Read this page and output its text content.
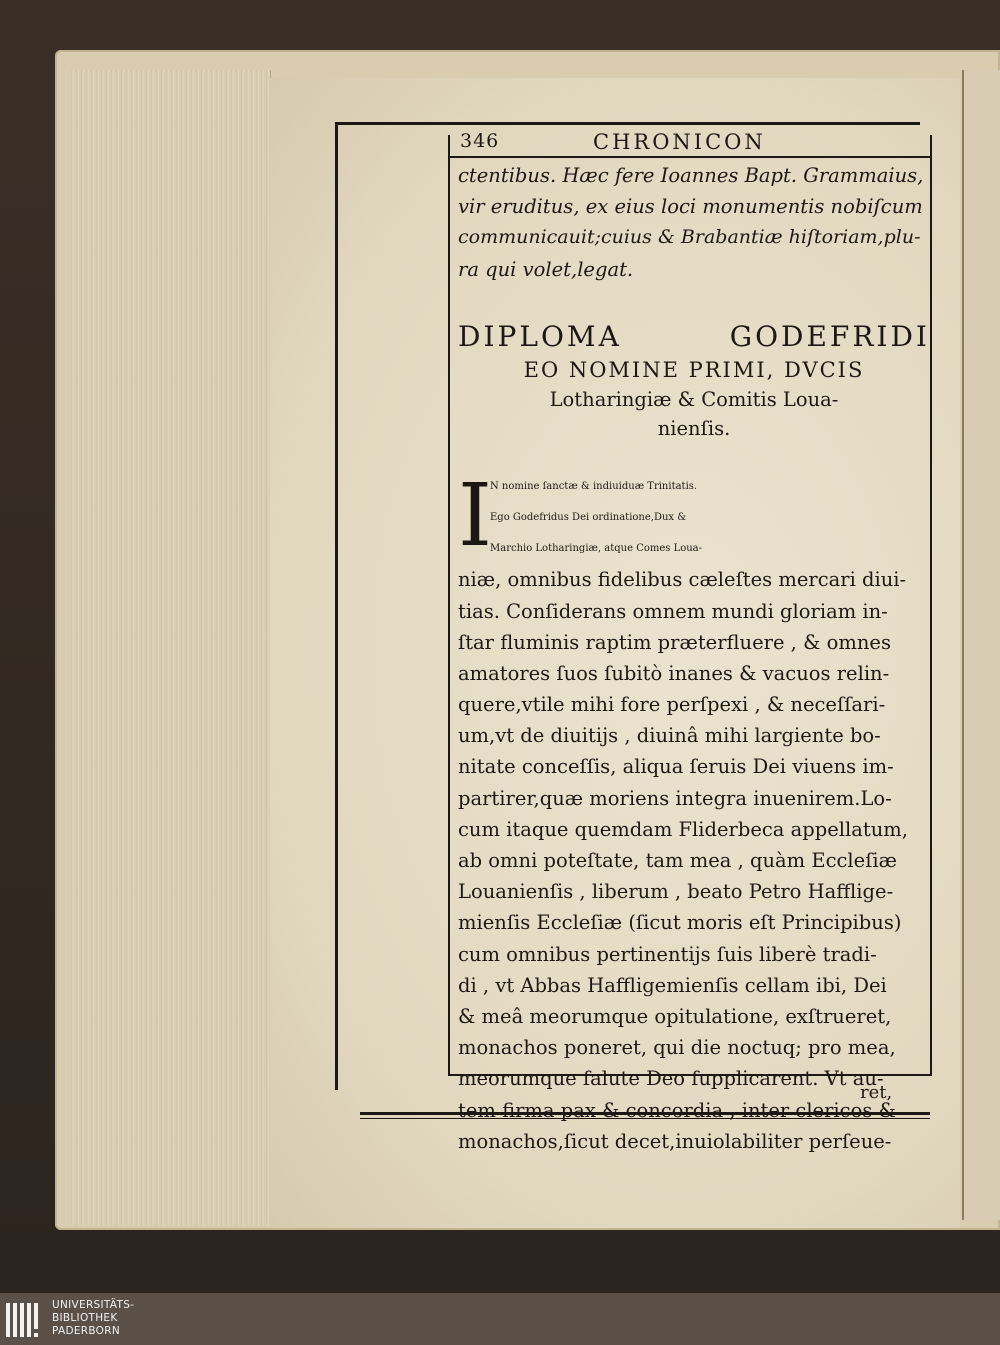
346	CHRONICON
ctentibus. Hæc fere Ioannes Bapt. Grammaius,
vir eruditus, ex eius loci monumentis nobiſcum
communicauit;cuius & Brabantiæ hiſtoriam,plu-
ra qui volet,legat.
DIPLOMA GODEFRIDI
EO NOMINE PRIMI, DVCIS
Lotharingiæ & Comitis Loua-
nienſis.
I
N nomine ſanctæ & indiuiduæ Trinitatis.
Ego Godefridus Dei ordinatione,Dux &
Marchio Lotharingiæ, atque Comes Loua-
niæ, omnibus fidelibus cæleſtes mercari diui-
tias. Conſiderans omnem mundi gloriam in-
ſtar fluminis raptim præterfluere , & omnes
amatores ſuos ſubitò inanes & vacuos relin-
quere,vtile mihi fore perſpexi , & neceſſari-
um,vt de diuitijs , diuinâ mihi largiente bo-
nitate conceſſis, aliqua ſeruis Dei viuens im-
partirer,quæ moriens integra inuenirem.Lo-
cum itaque quemdam Fliderbeca appellatum,
ab omni poteſtate, tam mea , quàm Eccleſiæ
Louanienſis , liberum , beato Petro Haffligе-
mienſis Eccleſiæ (ſicut moris eſt Principibus)
cum omnibus pertinentijs ſuis liberè tradi-
di , vt Abbas Haffligemienſis cellam ibi, Dei
& meâ meorumque opitulatione, exſtrueret,
monachos poneret, qui die noctuq; pro mea,
meorumque ſalute Deo ſupplicarent. Vt au-
tem firma pax & concordia , inter clericos &
monachos,ſicut decet,inuiolabiliter perſeue-
ret,
UNIVERSITÄTS-
BIBLIOTHEK
PADERBORN
